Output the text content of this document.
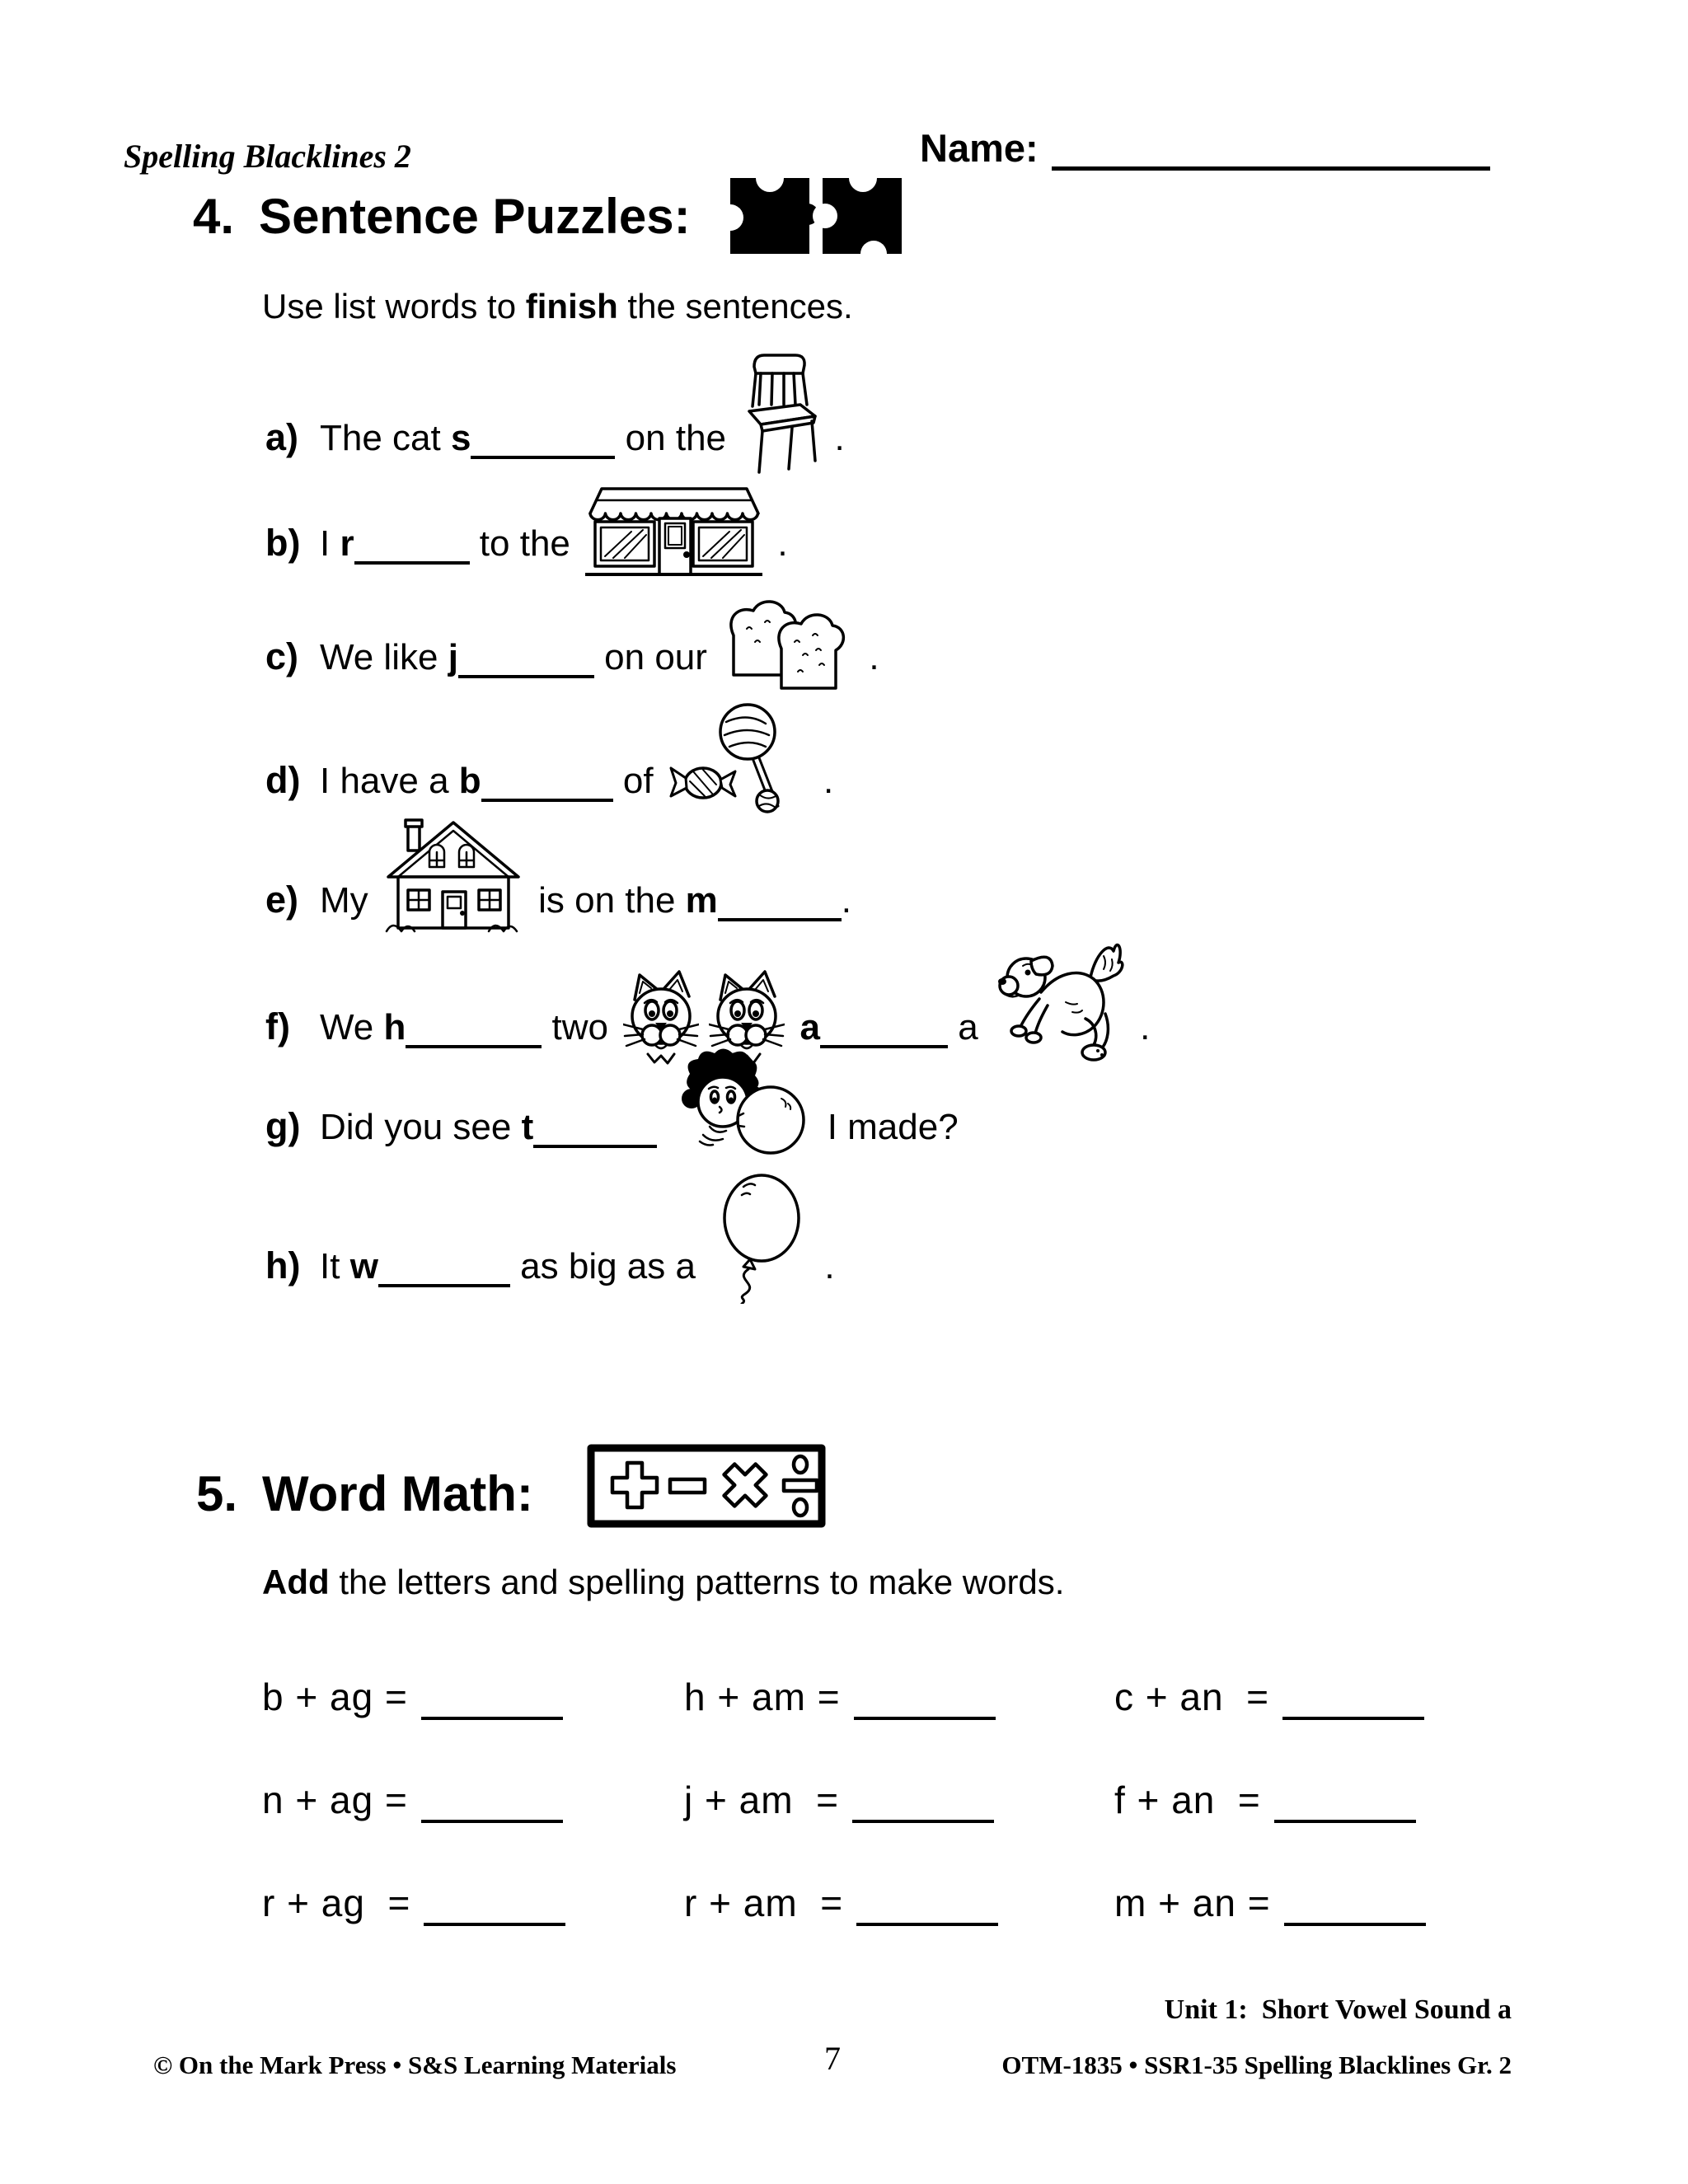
Spelling Blacklines 2	Name:
4. Sentence Puzzles:
Use list words to finish the sentences.
a) The cat s	on the .
b) I r	to the	.
c) We like j	on our	.
d) I have a b	of	.
e) My	is on the m	.
f) We h	two
	a	a	.
g) Did you see t
	I made?
h) It w	as big as a	.
5. Word Math:
Add the letters and spelling patterns to make words.
b + ag =	h + am =	c + an  =
n + ag =	j + am  =	f + an  =
r + ag  =	r + am  =	m + an =
Unit 1:  Short Vowel Sound a
© On the Mark Press • S&S Learning Materials	7	OTM-1835 • SSR1-35 Spelling Blacklines Gr. 2
